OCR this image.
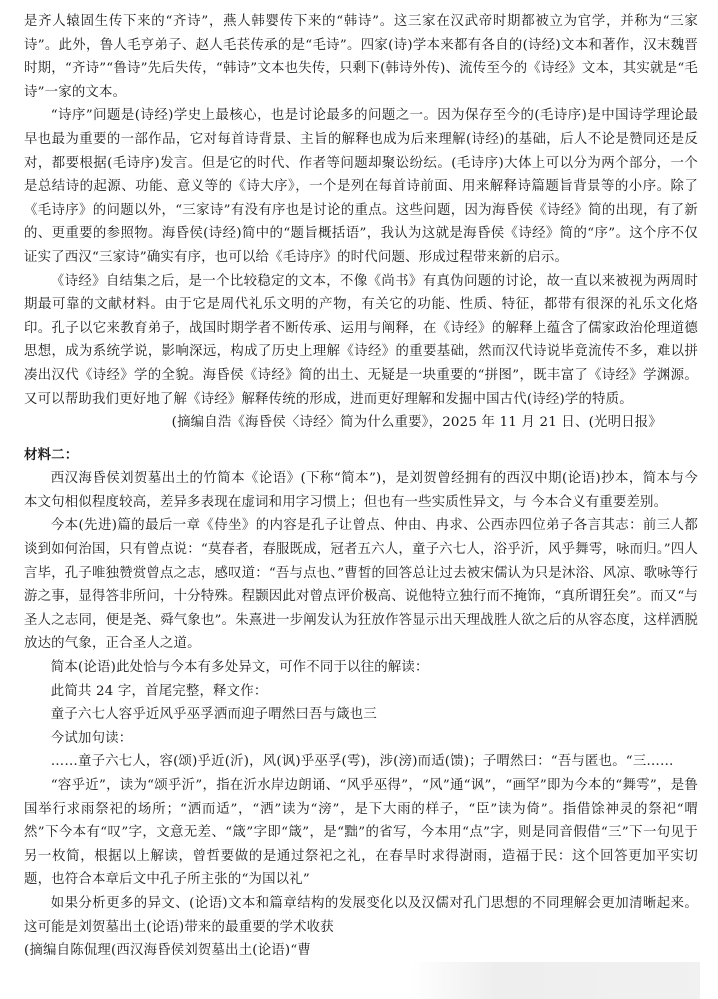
是齐人辕固生传下来的“齐诗”，燕人韩婴传下来的“韩诗”。这三家在汉武帝时期都被立为官学，并称为“三家诗”。此外，鲁人毛亨弟子、赵人毛苌传承的是“毛诗”。四家(诗)学本来都有各自的(诗经)文本和著作，汉末魏晋时期，“齐诗”“鲁诗”先后失传，“韩诗”文本也失传，只剩下(韩诗外传)、流传至今的《诗经》文本，其实就是“毛诗”一家的文本。

“诗序”问题是(诗经)学史上最核心，也是讨论最多的问题之一。因为保存至今的(毛诗序)是中国诗学理论最早也最为重要的一部作品，它对每首诗背景、主旨的解释也成为后来理解(诗经)的基础，后人不论是赞同还是反对，都要根据(毛诗序)发言。但是它的时代、作者等问题却聚讼纷纭。(毛诗序)大体上可以分为两个部分，一个是总结诗的起源、功能、意义等的《诗大序》，一个是列在每首诗前面、用来解释诗篇题旨背景等的小序。除了《毛诗序》的问题以外，“三家诗”有没有序也是讨论的重点。这些问题，因为海昏侯《诗经》简的出现，有了新的、更重要的参照物。海昏侯(诗经)简中的“题旨概括语”，我认为这就是海昏侯《诗经》简的“序”。这个序不仅证实了西汉“三家诗”确实有序，也可以给《毛诗序》的时代问题、形成过程带来新的启示。

《诗经》自结集之后，是一个比较稳定的文本，不像《尚书》有真伪问题的讨论，故一直以来被视为两周时期最可靠的文献材料。由于它是周代礼乐文明的产物，有关它的功能、性质、特征，都带有很深的礼乐文化烙印。孔子以它来教育弟子，战国时期学者不断传承、运用与阐释，在《诗经》的解释上蕴含了儒家政治伦理道德思想，成为系统学说，影响深远，构成了历史上理解《诗经》的重要基础，然而汉代诗说毕竟流传不多，难以拼凑出汉代《诗经》学的全貌。海昏侯《诗经》简的出土、无疑是一块重要的“拼图”，既丰富了《诗经》学渊源。又可以帮助我们更好地了解《诗经》解释传统的形成，进而更好理解和发掘中国古代(诗经)学的特质。

(摘编自浩《海昏侯〈诗经〉简为什么重要》，2025 年 11 月 21 日、(光明日报》

材料二：

西汉海昏侯刘贺墓出土的竹简本《论语》(下称“简本”)，是刘贺曾经拥有的西汉中期(论语)抄本，简本与今本文句相似程度较高，差异多表现在虚词和用字习惯上；但也有一些实质性异文，与 今本合义有重要差别。

今本(先进)篇的最后一章《侍坐》的内容是孔子让曾点、仲由、冉求、公西赤四位弟子各言其志：前三人都谈到如何治国，只有曾点说：“莫春者，春服既成，冠者五六人，童子六七人，浴乎沂，风乎舞雩，咏而归。”四人言毕，孔子唯独赞赏曾点之志，感叹道：“吾与点也、”曹皙的回答总让过去被宋儒认为只是沐浴、风凉、歌咏等行游之事，显得答非所问，十分特殊。程颢因此对曾点评价极高、说他特立独行而不掩饰，“真所谓狂矣”。而又“与圣人之志同，便是尧、舜气象也”。朱熹进一步阐发认为狂放作答显示出天理战胜人欲之后的从容态度，这样洒脱放达的气象，正合圣人之道。

简本(论语)此处恰与今本有多处异文，可作不同于以往的解读：

此简共 24 字，首尾完整，释文作：

童子六七人容乎近风乎巫孚洒而迎子喟然曰吾与箴也三

今试加句读：

……童子六七人，容(颂)乎近(沂)，风(讽)乎巫孚(雩)，涉(滂)而适(馈)；子喟然曰：“吾与匿也。“三……

“容乎近”，读为“颂乎沂”，指在沂水岸边朗诵、“风乎巫得”，“风”通“讽”，“画罕”即为今本的“舞雩”，是鲁国举行求雨祭祀的场所；“洒而适”，“洒”读为“滂”，是下大雨的样子，“臣”读为倚”。指借馀神灵的祭祀“喟然”下今本有“叹”字，文意无差、“箴”字即“箴”，是“黜”的省写，今本用“点”字，则是同音假借“三”下一句见于另一枚简，根据以上解读，曾哲要做的是通过祭祀之礼，在春旱时求得澍雨，造福于民：这个回答更加平实切题，也符合本章后文中孔子所主张的“为国以礼”

如果分析更多的异文、(论语)文本和篇章结构的发展变化以及汉儒对孔门思想的不同理解会更加清晰起来。这可能是刘贺墓出土(论语)带来的最重要的学术收获

(摘编自陈侃理(西汉海昏侯刘贺墓出土(论语)“曹
